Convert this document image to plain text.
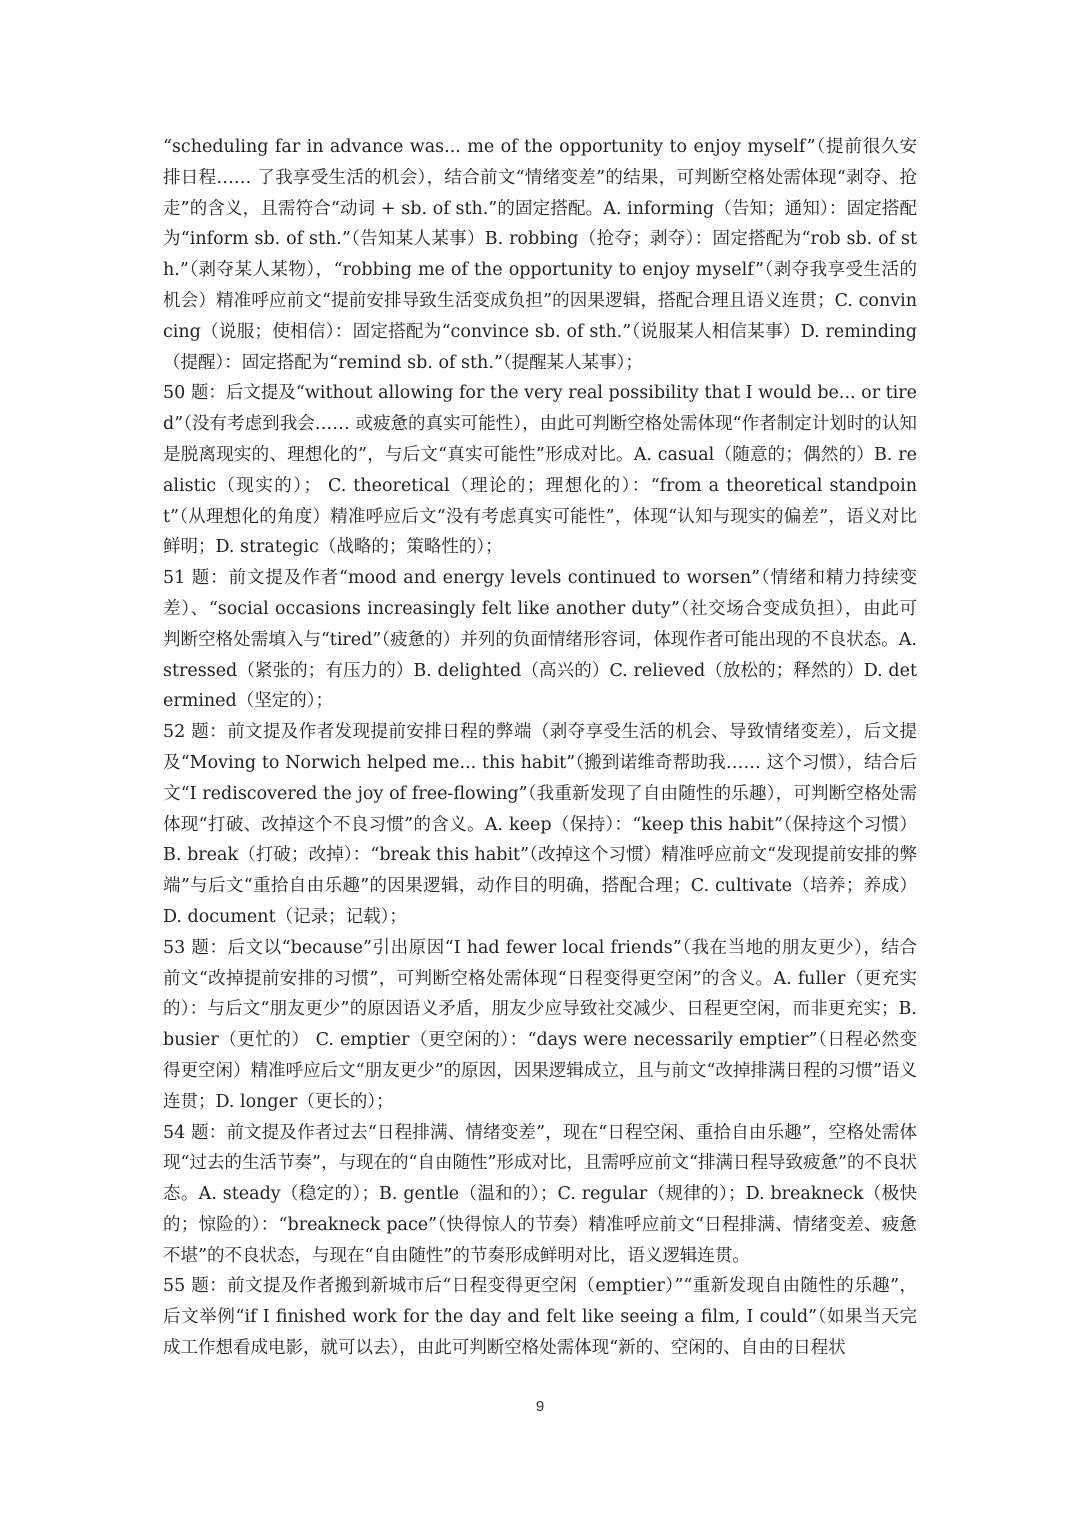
“scheduling far in advance was... me of the opportunity to enjoy myself”（提前很久安排日程…… 了我享受生活的机会），结合前文“情绪变差”的结果，可判断空格处需体现“剥夺、抢走”的含义，且需符合“动词 + sb. of sth.”的固定搭配。A. informing（告知；通知）：固定搭配为“inform sb. of sth.”（告知某人某事）B. robbing（抢夺；剥夺）：固定搭配为“rob sb. of sth.”（剥夺某人某物），“robbing me of the opportunity to enjoy myself”（剥夺我享受生活的机会）精准呼应前文“提前安排导致生活变成负担”的因果逻辑，搭配合理且语义连贯；C. convincing（说服；使相信）：固定搭配为“convince sb. of sth.”（说服某人相信某事）D. reminding（提醒）：固定搭配为“remind sb. of sth.”（提醒某人某事）；

50 题：后文提及“without allowing for the very real possibility that I would be... or tired”（没有考虑到我会…… 或疲惫的真实可能性），由此可判断空格处需体现“作者制定计划时的认知是脱离现实的、理想化的”，与后文“真实可能性”形成对比。A. casual（随意的；偶然的）B. realistic（现实的）； C. theoretical（理论的；理想化的）：“from a theoretical standpoint”（从理想化的角度）精准呼应后文“没有考虑真实可能性”，体现“认知与现实的偏差”，语义对比鲜明；D. strategic（战略的；策略性的）；

51 题：前文提及作者“mood and energy levels continued to worsen”（情绪和精力持续变差）、“social occasions increasingly felt like another duty”（社交场合变成负担），由此可判断空格处需填入与“tired”（疲惫的）并列的负面情绪形容词，体现作者可能出现的不良状态。A. stressed（紧张的；有压力的）B. delighted（高兴的）C. relieved（放松的；释然的）D. determined（坚定的）；

52 题：前文提及作者发现提前安排日程的弊端（剥夺享受生活的机会、导致情绪变差），后文提及“Moving to Norwich helped me... this habit”（搬到诺维奇帮助我…… 这个习惯），结合后文“I rediscovered the joy of free-flowing”（我重新发现了自由随性的乐趣），可判断空格处需体现“打破、改掉这个不良习惯”的含义。A. keep（保持）：“keep this habit”（保持这个习惯）B. break（打破；改掉）：“break this habit”（改掉这个习惯）精准呼应前文“发现提前安排的弊端”与后文“重拾自由乐趣”的因果逻辑，动作目的明确，搭配合理；C. cultivate（培养；养成）D. document（记录；记载）；

53 题：后文以“because”引出原因“I had fewer local friends”（我在当地的朋友更少），结合前文“改掉提前安排的习惯”，可判断空格处需体现“日程变得更空闲”的含义。A. fuller（更充实的）：与后文“朋友更少”的原因语义矛盾，朋友少应导致社交减少、日程更空闲，而非更充实；B. busier（更忙的） C. emptier（更空闲的）：“days were necessarily emptier”（日程必然变得更空闲）精准呼应后文“朋友更少”的原因，因果逻辑成立，且与前文“改掉排满日程的习惯”语义连贯；D. longer（更长的）；

54 题：前文提及作者过去“日程排满、情绪变差”，现在“日程空闲、重拾自由乐趣”，空格处需体现“过去的生活节奏”，与现在的“自由随性”形成对比，且需呼应前文“排满日程导致疲惫”的不良状态。A. steady（稳定的）；B. gentle（温和的）；C. regular（规律的）；D. breakneck（极快的；惊险的）：“breakneck pace”（快得惊人的节奏）精准呼应前文“日程排满、情绪变差、疲惫不堪”的不良状态，与现在“自由随性”的节奏形成鲜明对比，语义逻辑连贯。

55 题：前文提及作者搬到新城市后“日程变得更空闲（emptier）”“重新发现自由随性的乐趣”，后文举例“if I finished work for the day and felt like seeing a film, I could”（如果当天完成工作想看成电影，就可以去），由此可判断空格处需体现“新的、空闲的、自由的日程状

9
